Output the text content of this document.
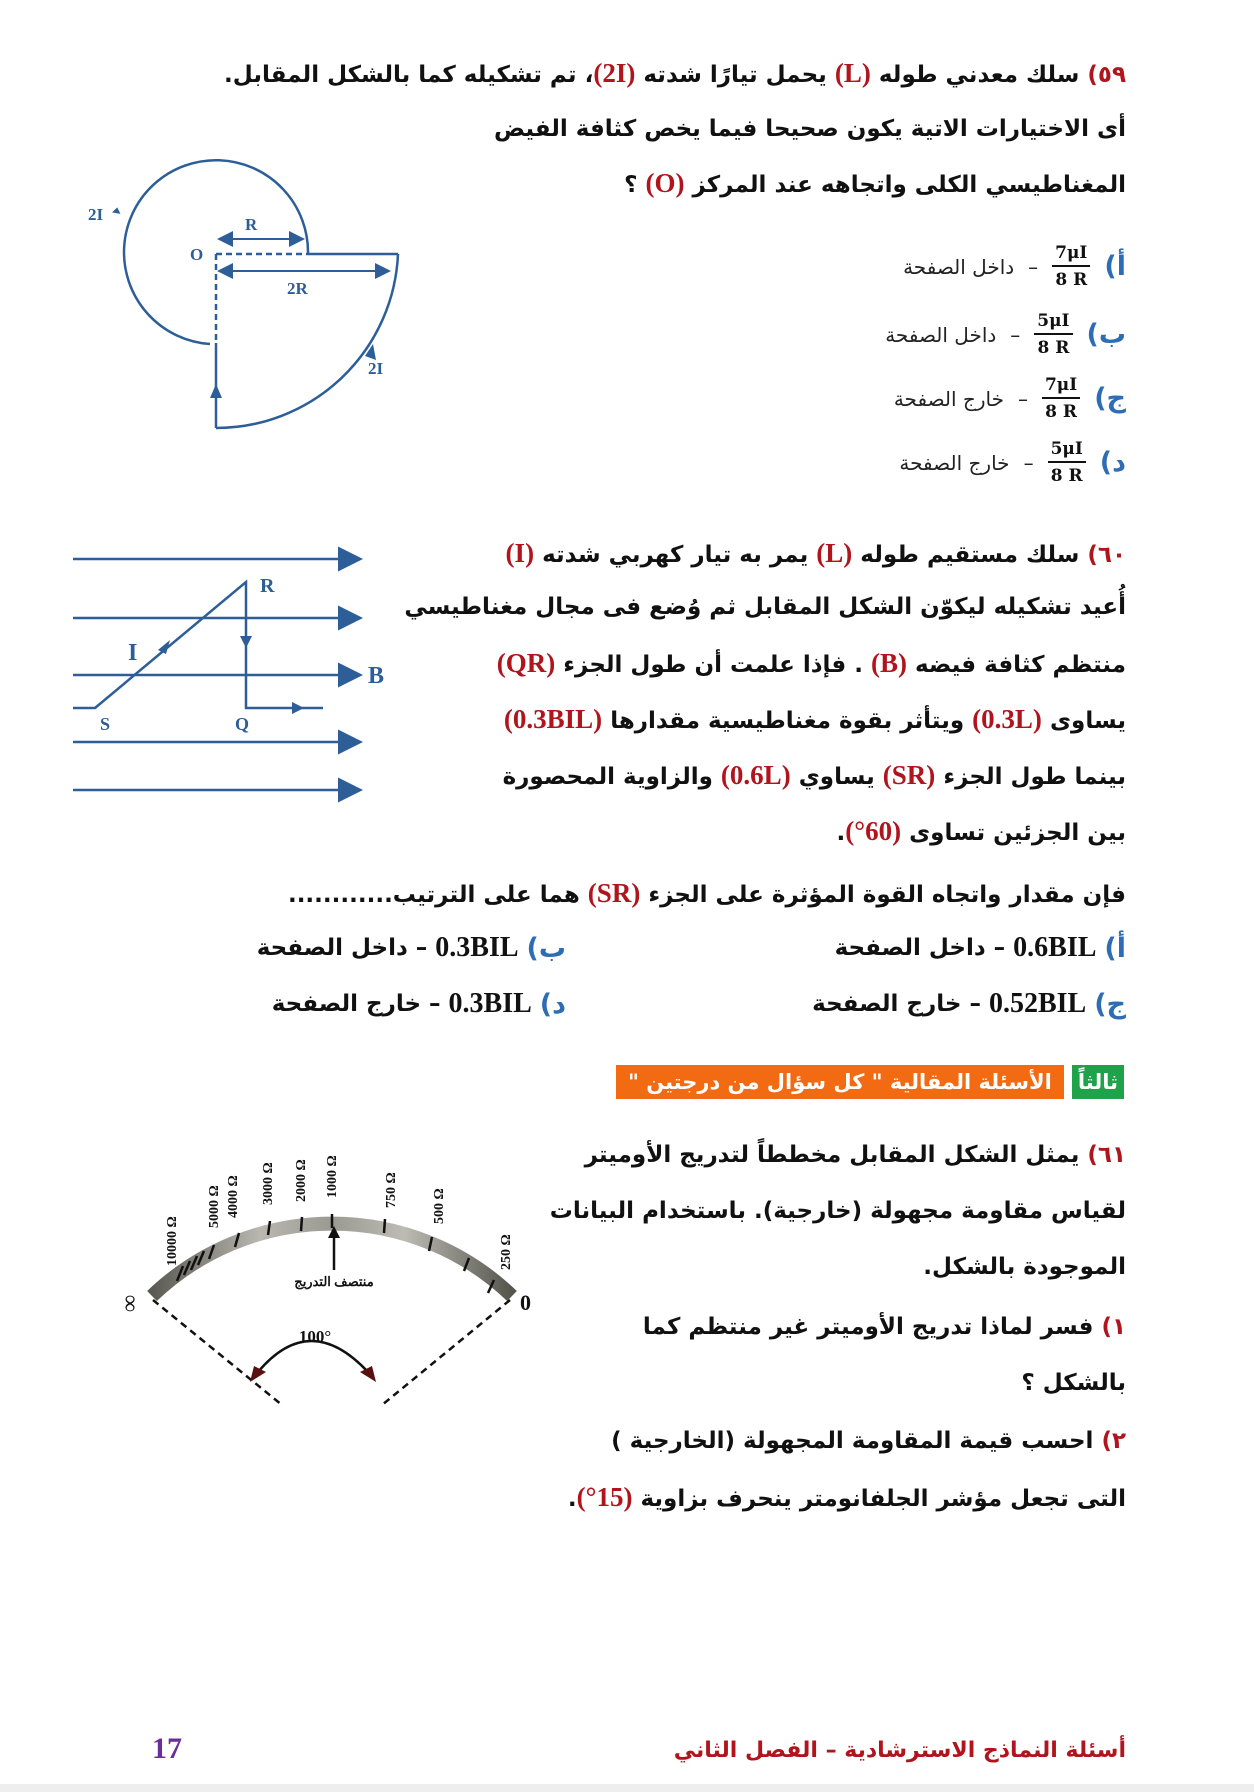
٥٩) سلك معدني طوله (L) يحمل تيارًا شدته (2I)، تم تشكيله كما بالشكل المقابل.
أى الاختيارات الاتية يكون صحيحا فيما يخص كثافة الفيض
المغناطيسي الكلى واتجاهه عند المركز (O) ؟
أ)
$\frac{7\mu I}{8 R}$
–
داخل الصفحة
ب)
$\frac{5\mu I}{8 R}$
–
داخل الصفحة
ج)
$\frac{7\mu I}{8 R}$
–
خارج الصفحة
د)
$\frac{5\mu I}{8 R}$
–
خارج الصفحة
2I
R
O
2R
2I
٦٠) سلك مستقيم طوله (L) يمر به تيار كهربي شدته (I)
أُعيد تشكيله ليكوّن الشكل المقابل ثم وُضع فى مجال مغناطيسي
منتظم كثافة فيضه (B) . فإذا علمت أن طول الجزء (QR)
يساوى (0.3L) ويتأثر بقوة مغناطيسية مقدارها (0.3BIL)
بينما طول الجزء (SR) يساوي (0.6L) والزاوية المحصورة
بين الجزئين تساوى (60°).
فإن مقدار واتجاه القوة المؤثرة على الجزء (SR) هما على الترتيب............
أ)
0.6BIL
–
داخل الصفحة
ب)
0.3BIL
–
داخل الصفحة
ج)
0.52BIL
–
خارج الصفحة
د)
0.3BIL
–
خارج الصفحة
R
I
B
S	Q
ثالثاً
الأسئلة المقالية " كل سؤال من درجتين "
٦١) يمثل الشكل المقابل مخططاً لتدريج الأوميتر
لقياس مقاومة مجهولة (خارجية). باستخدام البيانات
الموجودة بالشكل.
١) فسر لماذا تدريج الأوميتر غير منتظم كما
بالشكل ؟
٢) احسب قيمة المقاومة المجهولة (الخارجية )
التى تجعل مؤشر الجلفانومتر ينحرف بزاوية (15°).
10000 Ω
5000 Ω 4000 Ω 3000 Ω 2000 Ω 1000 Ω	750 Ω 500 Ω
250 Ω
منتصف التدريج
∞	0
100°
أسئلة النماذج الاسترشادية – الفصل الثاني
17
